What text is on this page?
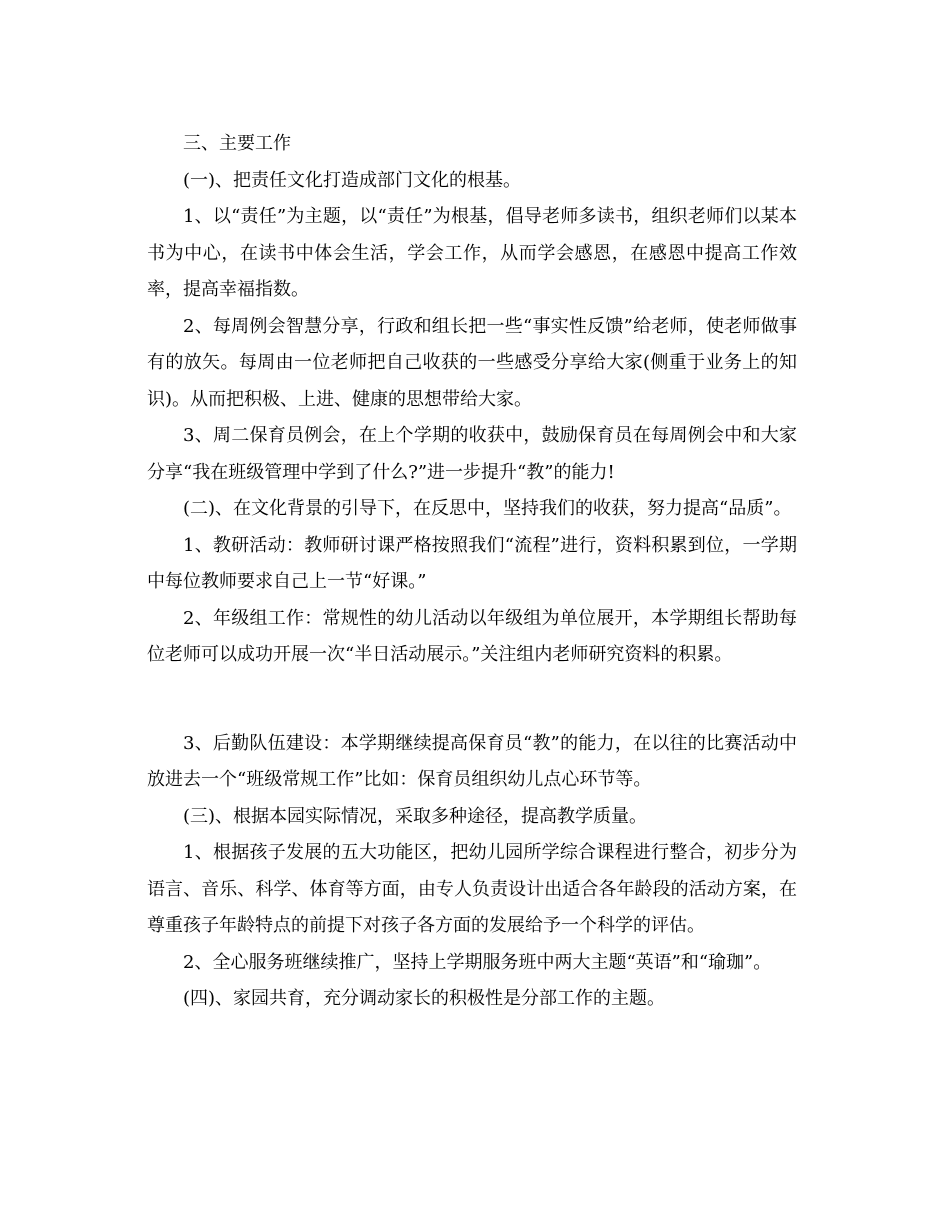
三、主要工作

(一)、把责任文化打造成部门文化的根基。

1、以“责任”为主题，以“责任”为根基，倡导老师多读书，组织老师们以某本书为中心，在读书中体会生活，学会工作，从而学会感恩，在感恩中提高工作效率，提高幸福指数。

2、每周例会智慧分享，行政和组长把一些“事实性反馈”给老师，使老师做事有的放矢。每周由一位老师把自己收获的一些感受分享给大家(侧重于业务上的知识)。从而把积极、上进、健康的思想带给大家。

3、周二保育员例会，在上个学期的收获中，鼓励保育员在每周例会中和大家分享“我在班级管理中学到了什么?”进一步提升“教”的能力!

(二)、在文化背景的引导下，在反思中，坚持我们的收获，努力提高“品质”。

1、教研活动：教师研讨课严格按照我们“流程”进行，资料积累到位，一学期中每位教师要求自己上一节“好课。”

2、年级组工作：常规性的幼儿活动以年级组为单位展开，本学期组长帮助每位老师可以成功开展一次“半日活动展示。”关注组内老师研究资料的积累。

3、后勤队伍建设：本学期继续提高保育员“教”的能力，在以往的比赛活动中放进去一个“班级常规工作”比如：保育员组织幼儿点心环节等。

(三)、根据本园实际情况，采取多种途径，提高教学质量。

1、根据孩子发展的五大功能区，把幼儿园所学综合课程进行整合，初步分为语言、音乐、科学、体育等方面，由专人负责设计出适合各年龄段的活动方案，在尊重孩子年龄特点的前提下对孩子各方面的发展给予一个科学的评估。

2、全心服务班继续推广，坚持上学期服务班中两大主题“英语”和“瑜珈”。

(四)、家园共育，充分调动家长的积极性是分部工作的主题。
